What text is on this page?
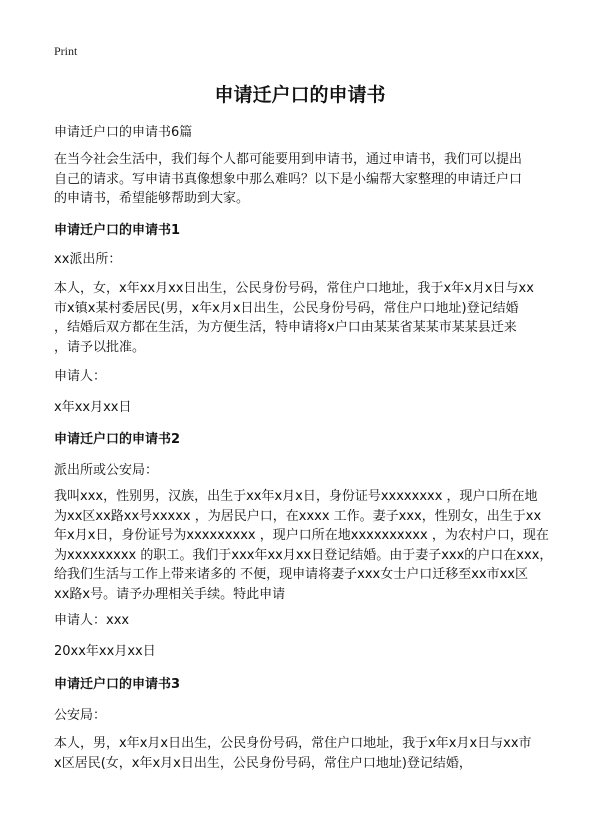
Print
申请迁户口的申请书
申请迁户口的申请书6篇
在当今社会生活中，我们每个人都可能要用到申请书，通过申请书，我们可以提出
自己的请求。写申请书真像想象中那么难吗？以下是小编帮大家整理的申请迁户口
的申请书，希望能够帮助到大家。
申请迁户口的申请书1
xx派出所：
本人，女，x年xx月xx日出生，公民身份号码，常住户口地址，我于x年x月x日与xx
市x镇x某村委居民(男，x年x月x日出生，公民身份号码，常住户口地址)登记结婚
，结婚后双方都在生活，为方便生活，特申请将x户口由某某省某某市某某县迁来
，请予以批准。
申请人：
x年xx月xx日
申请迁户口的申请书2
派出所或公安局：
我叫xxx，性别男，汉族，出生于xx年x月x日，身份证号xxxxxxxx ，现户口所在地
为xx区xx路xx号xxxxx ，为居民户口，在xxxx 工作。妻子xxx，性别女，出生于xx
年x月x日，身份证号为xxxxxxxxx ，现户口所在地xxxxxxxxxx ，为农村户口，现在
为xxxxxxxxx 的职工。我们于xxx年xx月xx日登记结婚。由于妻子xxx的户口在xxx，
给我们生活与工作上带来诸多的 不便，现申请将妻子xxx女士户口迁移至xx市xx区
xx路x号。请予办理相关手续。特此申请
申请人：xxx
20xx年xx月xx日
申请迁户口的申请书3
公安局：
本人，男，x年x月x日出生，公民身份号码，常住户口地址，我于x年x月x日与xx市
x区居民(女，x年x月x日出生，公民身份号码，常住户口地址)登记结婚，
